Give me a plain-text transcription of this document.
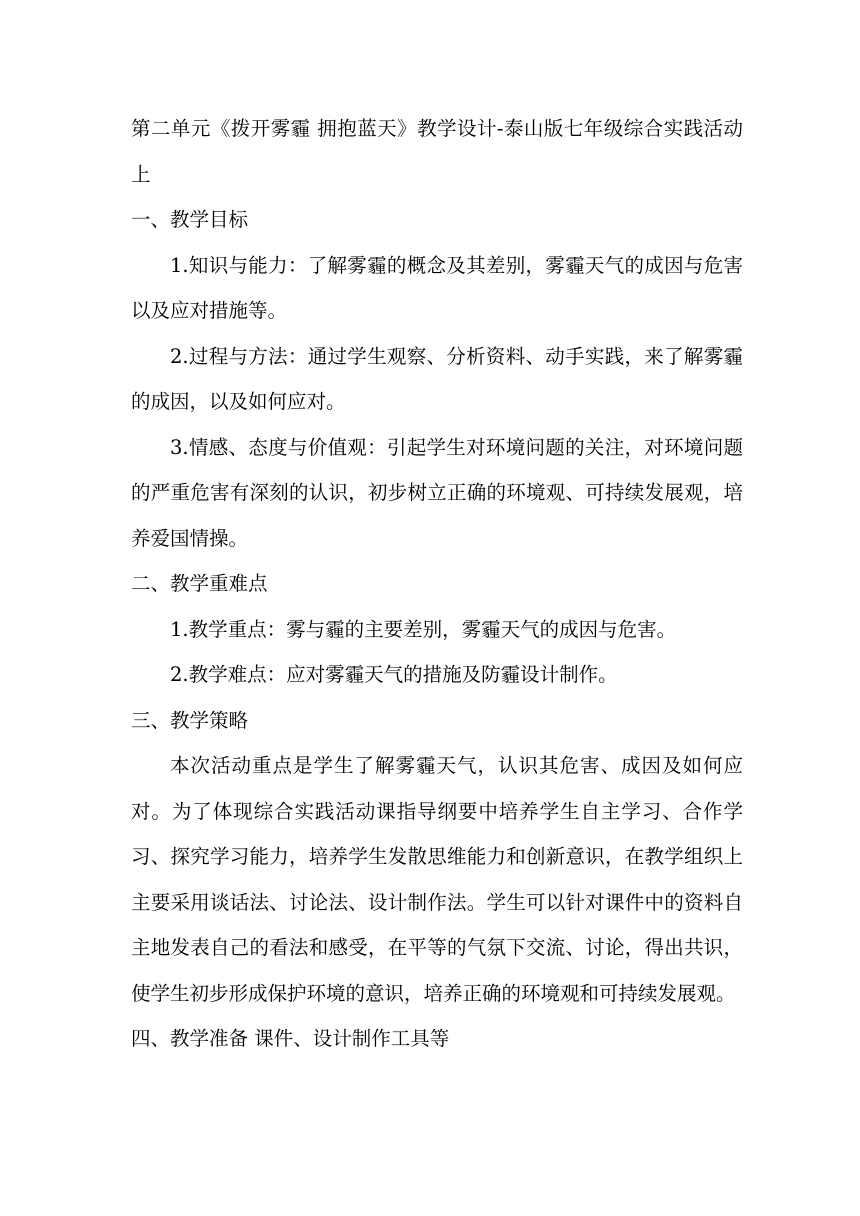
第二单元《拨开雾霾 拥抱蓝天》教学设计-泰山版七年级综合实践活动上

一、教学目标

1.知识与能力：了解雾霾的概念及其差别，雾霾天气的成因与危害以及应对措施等。

2.过程与方法：通过学生观察、分析资料、动手实践，来了解雾霾的成因，以及如何应对。

3.情感、态度与价值观：引起学生对环境问题的关注，对环境问题的严重危害有深刻的认识，初步树立正确的环境观、可持续发展观，培养爱国情操。

二、教学重难点

1.教学重点：雾与霾的主要差别，雾霾天气的成因与危害。

2.教学难点：应对雾霾天气的措施及防霾设计制作。

三、教学策略

本次活动重点是学生了解雾霾天气，认识其危害、成因及如何应对。为了体现综合实践活动课指导纲要中培养学生自主学习、合作学习、探究学习能力，培养学生发散思维能力和创新意识，在教学组织上主要采用谈话法、讨论法、设计制作法。学生可以针对课件中的资料自主地发表自己的看法和感受，在平等的气氛下交流、讨论，得出共识，使学生初步形成保护环境的意识，培养正确的环境观和可持续发展观。

四、教学准备 课件、设计制作工具等
